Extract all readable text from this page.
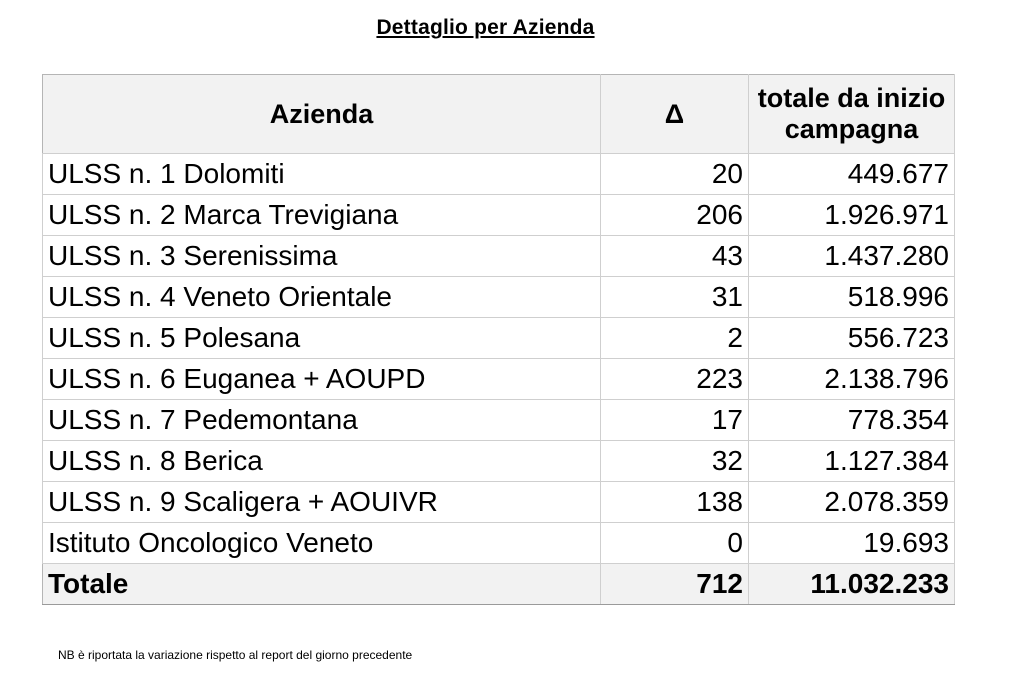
Dettaglio per Azienda
Azienda	Δ	totale da inizio campagna
ULSS n. 1 Dolomiti	20	449.677
ULSS n. 2 Marca Trevigiana	206	1.926.971
ULSS n. 3 Serenissima	43	1.437.280
ULSS n. 4 Veneto Orientale	31	518.996
ULSS n. 5 Polesana	2	556.723
ULSS n. 6 Euganea + AOUPD	223	2.138.796
ULSS n. 7 Pedemontana	17	778.354
ULSS n. 8 Berica	32	1.127.384
ULSS n. 9 Scaligera + AOUIVR	138	2.078.359
Istituto Oncologico Veneto	0	19.693
Totale	712	11.032.233
NB è riportata la variazione rispetto al report del giorno precedente
